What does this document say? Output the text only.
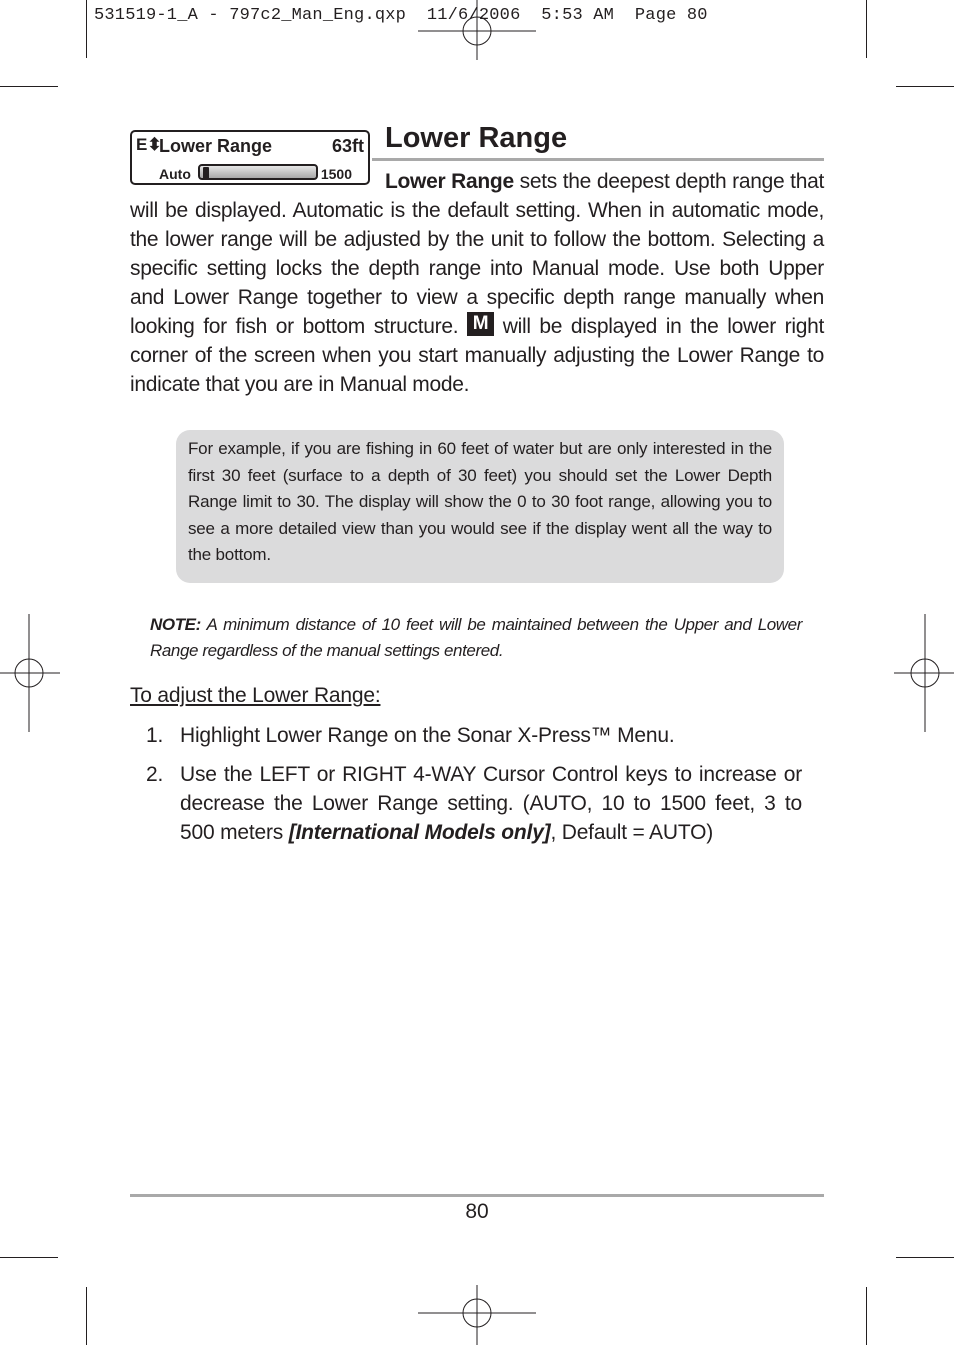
531519-1_A - 797c2_Man_Eng.qxp  11/6/2006  5:53 AM  Page 80
E⬍
Lower Range	63ft
Auto	1500
Lower Range
Lower Range sets the deepest depth range that will be displayed. Automatic is the default setting. When in automatic mode, the lower range will be adjusted by the unit to follow the bottom. Selecting a specific setting locks the depth range into Manual mode. Use both Upper and Lower Range together to view a specific depth range manually when looking for fish or bottom structure. M will be displayed in the lower right corner of the screen when you start manually adjusting the Lower Range to indicate that you are in Manual mode.
For example, if you are fishing in 60 feet of water but are only interested in the first 30 feet (surface to a depth of 30 feet) you should set the Lower Depth Range limit to 30. The display will show the 0 to 30 foot range, allowing you to see a more detailed view than you would see if the display went all the way to the bottom.
NOTE: A minimum distance of 10 feet will be maintained between the Upper and Lower Range regardless of the manual settings entered.
To adjust the Lower Range:
1. Highlight Lower Range on the Sonar X-Press™ Menu.
2. Use the LEFT or RIGHT 4-WAY Cursor Control keys to increase or decrease the Lower Range setting. (AUTO, 10 to 1500 feet, 3 to 500 meters [International Models only], Default = AUTO)
80
